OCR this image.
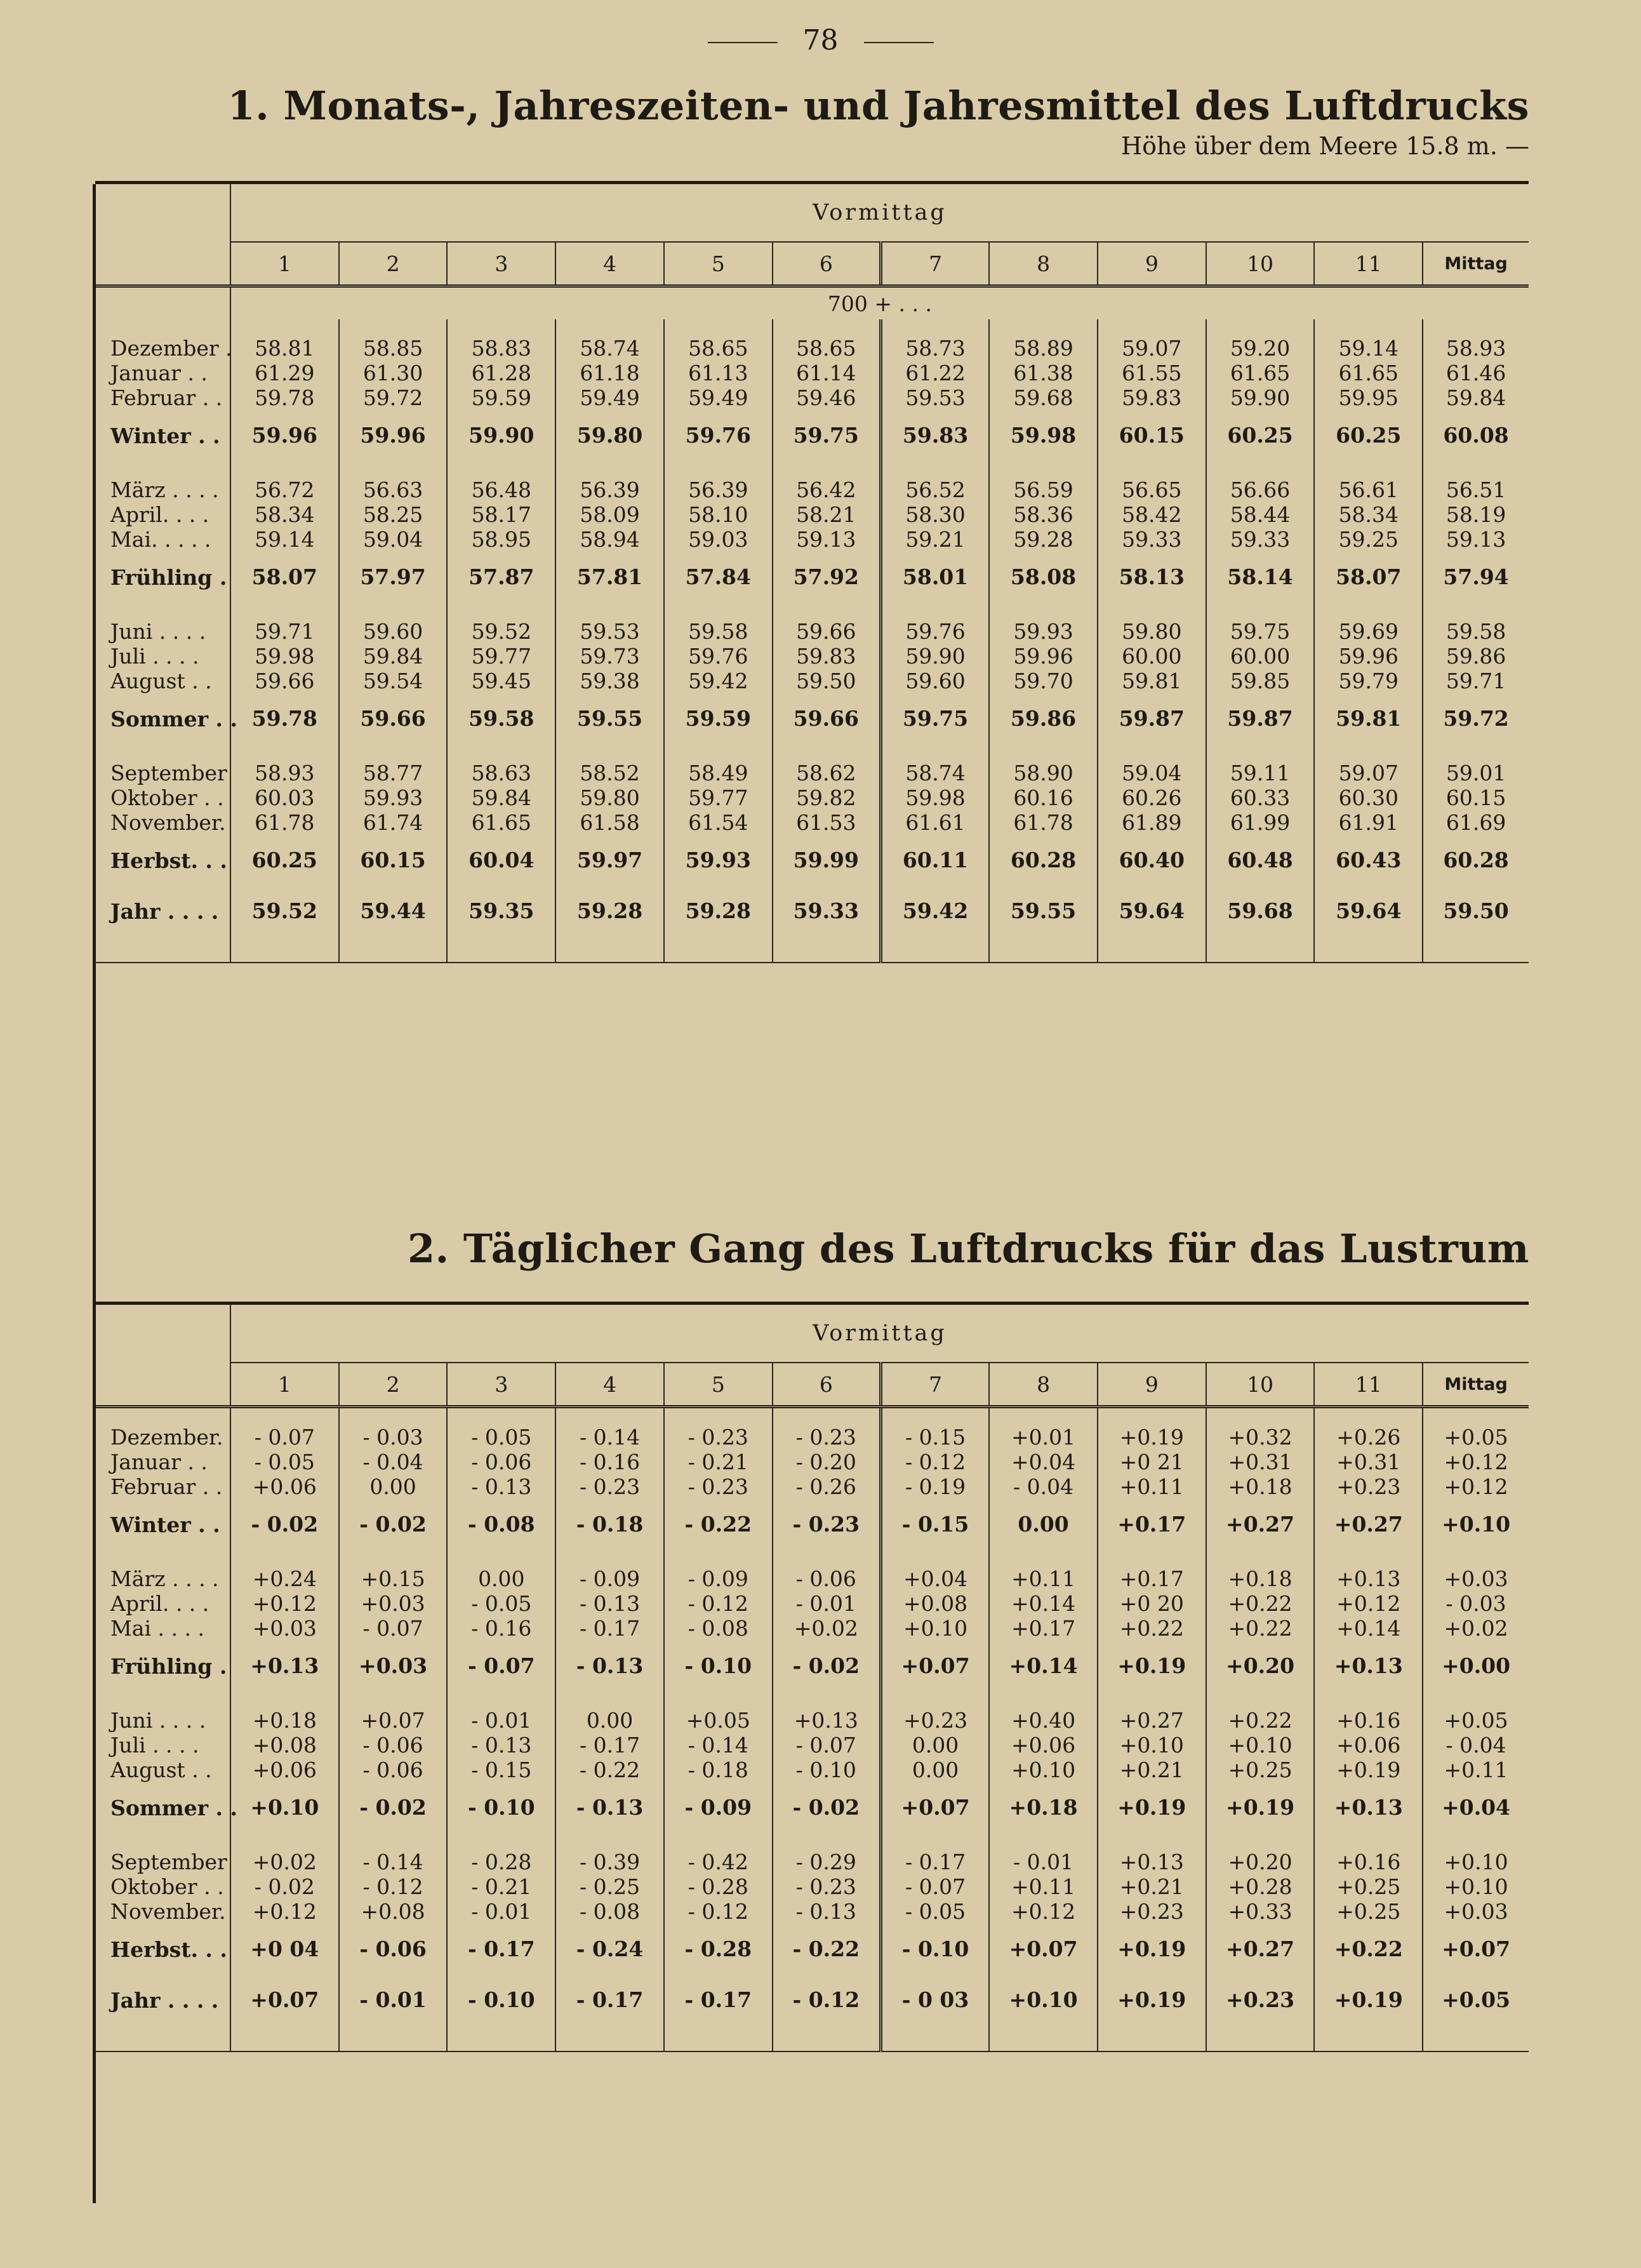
78
1. Monats-, Jahreszeiten- und Jahresmittel des Luftdrucks
Höhe über dem Meere 15.8 m. —
	Vormittag											
	1	2	3	4	5	6	7	8	9	10	11	Mittag
	700 + . . .											
Dezember .	58.81	58.85	58.83	58.74	58.65	58.65	58.73	58.89	59.07	59.20	59.14	58.93
Januar . .	61.29	61.30	61.28	61.18	61.13	61.14	61.22	61.38	61.55	61.65	61.65	61.46
Februar . .	59.78	59.72	59.59	59.49	59.49	59.46	59.53	59.68	59.83	59.90	59.95	59.84
Winter . .	59.96	59.96	59.90	59.80	59.76	59.75	59.83	59.98	60.15	60.25	60.25	60.08
März . . . .	56.72	56.63	56.48	56.39	56.39	56.42	56.52	56.59	56.65	56.66	56.61	56.51
April. . . .	58.34	58.25	58.17	58.09	58.10	58.21	58.30	58.36	58.42	58.44	58.34	58.19
Mai. . . . .	59.14	59.04	58.95	58.94	59.03	59.13	59.21	59.28	59.33	59.33	59.25	59.13
Frühling .	58.07	57.97	57.87	57.81	57.84	57.92	58.01	58.08	58.13	58.14	58.07	57.94
Juni . . . .	59.71	59.60	59.52	59.53	59.58	59.66	59.76	59.93	59.80	59.75	59.69	59.58
Juli . . . .	59.98	59.84	59.77	59.73	59.76	59.83	59.90	59.96	60.00	60.00	59.96	59.86
August . .	59.66	59.54	59.45	59.38	59.42	59.50	59.60	59.70	59.81	59.85	59.79	59.71
Sommer . .	59.78	59.66	59.58	59.55	59.59	59.66	59.75	59.86	59.87	59.87	59.81	59.72
September	58.93	58.77	58.63	58.52	58.49	58.62	58.74	58.90	59.04	59.11	59.07	59.01
Oktober . .	60.03	59.93	59.84	59.80	59.77	59.82	59.98	60.16	60.26	60.33	60.30	60.15
November.	61.78	61.74	61.65	61.58	61.54	61.53	61.61	61.78	61.89	61.99	61.91	61.69
Herbst. . .	60.25	60.15	60.04	59.97	59.93	59.99	60.11	60.28	60.40	60.48	60.43	60.28
Jahr . . . .	59.52	59.44	59.35	59.28	59.28	59.33	59.42	59.55	59.64	59.68	59.64	59.50

2. Täglicher Gang des Luftdrucks für das Lustrum
	Vormittag											
	1	2	3	4	5	6	7	8	9	10	11	Mittag
Dezember.	- 0.07	- 0.03	- 0.05	- 0.14	- 0.23	- 0.23	- 0.15	+0.01	+0.19	+0.32	+0.26	+0.05
Januar . .	- 0.05	- 0.04	- 0.06	- 0.16	- 0.21	- 0.20	- 0.12	+0.04	+0 21	+0.31	+0.31	+0.12
Februar . .	+0.06	0.00	- 0.13	- 0.23	- 0.23	- 0.26	- 0.19	- 0.04	+0.11	+0.18	+0.23	+0.12
Winter . .	- 0.02	- 0.02	- 0.08	- 0.18	- 0.22	- 0.23	- 0.15	0.00	+0.17	+0.27	+0.27	+0.10
März . . . .	+0.24	+0.15	0.00	- 0.09	- 0.09	- 0.06	+0.04	+0.11	+0.17	+0.18	+0.13	+0.03
April. . . .	+0.12	+0.03	- 0.05	- 0.13	- 0.12	- 0.01	+0.08	+0.14	+0 20	+0.22	+0.12	- 0.03
Mai . . . .	+0.03	- 0.07	- 0.16	- 0.17	- 0.08	+0.02	+0.10	+0.17	+0.22	+0.22	+0.14	+0.02
Frühling .	+0.13	+0.03	- 0.07	- 0.13	- 0.10	- 0.02	+0.07	+0.14	+0.19	+0.20	+0.13	+0.00
Juni . . . .	+0.18	+0.07	- 0.01	0.00	+0.05	+0.13	+0.23	+0.40	+0.27	+0.22	+0.16	+0.05
Juli . . . .	+0.08	- 0.06	- 0.13	- 0.17	- 0.14	- 0.07	0.00	+0.06	+0.10	+0.10	+0.06	- 0.04
August . .	+0.06	- 0.06	- 0.15	- 0.22	- 0.18	- 0.10	0.00	+0.10	+0.21	+0.25	+0.19	+0.11
Sommer . .	+0.10	- 0.02	- 0.10	- 0.13	- 0.09	- 0.02	+0.07	+0.18	+0.19	+0.19	+0.13	+0.04
September	+0.02	- 0.14	- 0.28	- 0.39	- 0.42	- 0.29	- 0.17	- 0.01	+0.13	+0.20	+0.16	+0.10
Oktober . .	- 0.02	- 0.12	- 0.21	- 0.25	- 0.28	- 0.23	- 0.07	+0.11	+0.21	+0.28	+0.25	+0.10
November.	+0.12	+0.08	- 0.01	- 0.08	- 0.12	- 0.13	- 0.05	+0.12	+0.23	+0.33	+0.25	+0.03
Herbst. . .	+0 04	- 0.06	- 0.17	- 0.24	- 0.28	- 0.22	- 0.10	+0.07	+0.19	+0.27	+0.22	+0.07
Jahr . . . .	+0.07	- 0.01	- 0.10	- 0.17	- 0.17	- 0.12	- 0 03	+0.10	+0.19	+0.23	+0.19	+0.05
